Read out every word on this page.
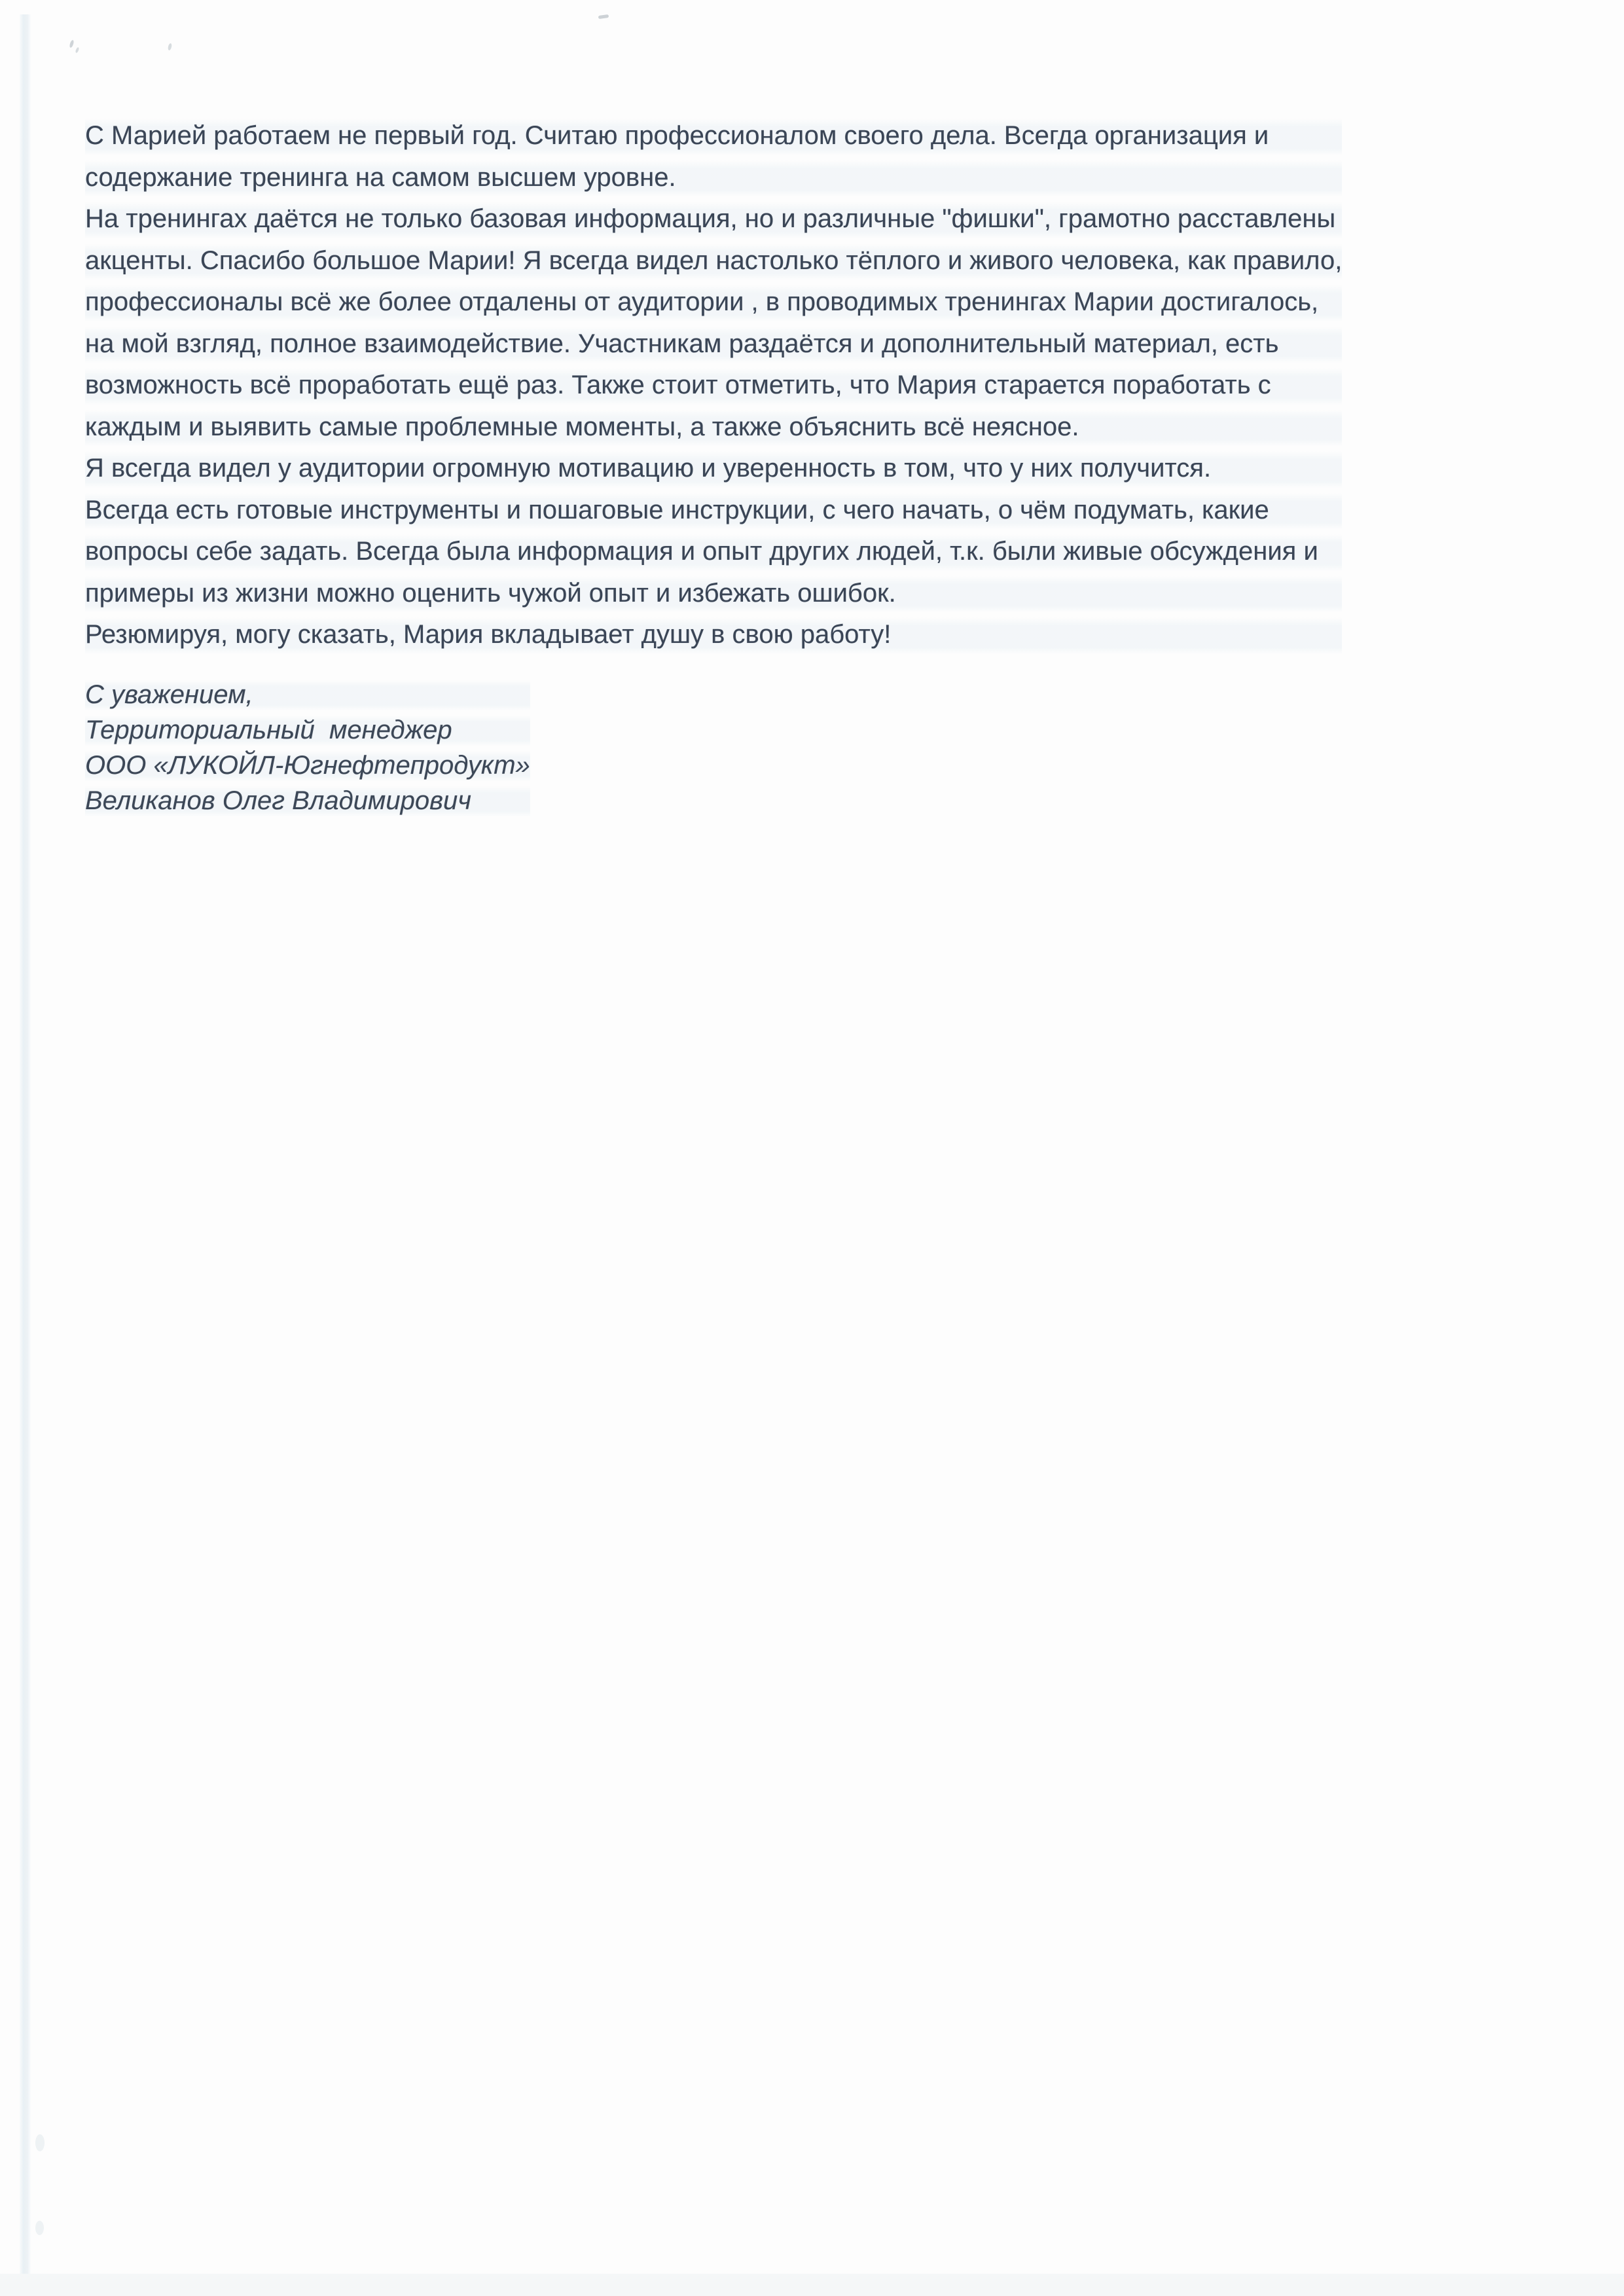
С Марией работаем не первый год. Считаю профессионалом своего дела. Всегда организация и
содержание тренинга на самом высшем уровне.
На тренингах даётся не только базовая информация, но и различные "фишки", грамотно расставлены
акценты. Спасибо большое Марии! Я всегда видел настолько тёплого и живого человека, как правило,
профессионалы всё же более отдалены от аудитории , в проводимых тренингах Марии достигалось,
на мой взгляд, полное взаимодействие. Участникам раздаётся и дополнительный материал, есть
возможность всё проработать ещё раз. Также стоит отметить, что Мария старается поработать с
каждым и выявить самые проблемные моменты, а также объяснить всё неясное.
Я всегда видел у аудитории огромную мотивацию и уверенность в том, что у них получится.
Всегда есть готовые инструменты и пошаговые инструкции, с чего начать, о чём подумать, какие
вопросы себе задать. Всегда была информация и опыт других людей, т.к. были живые обсуждения и
примеры из жизни можно оценить чужой опыт и избежать ошибок.
Резюмируя, могу сказать, Мария вкладывает душу в свою работу!
С уважением,
Территориальный  менеджер
ООО «ЛУКОЙЛ-Югнефтепродукт»
Великанов Олег Владимирович
